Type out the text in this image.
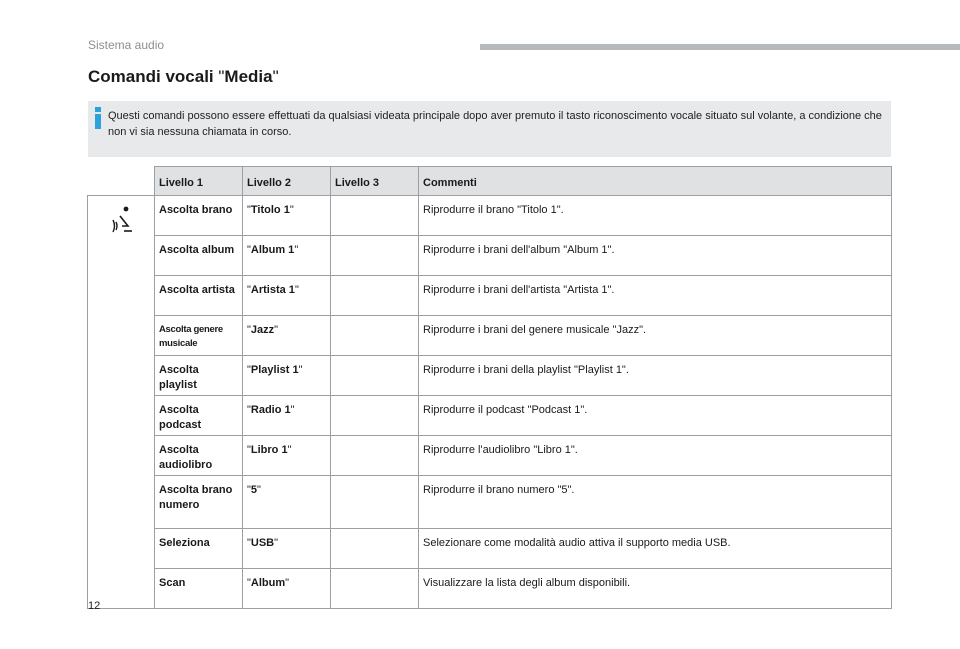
Sistema audio
Comandi vocali "Media"
Questi comandi possono essere effettuati da qualsiasi videata principale dopo aver premuto il tasto riconoscimento vocale situato sul volante, a condizione che non vi sia nessuna chiamata in corso.
	Livello 1	Livello 2	Livello 3	Commenti

	Ascolta brano	"Titolo 1"		Riprodurre il brano "Titolo 1".
	Ascolta album	"Album 1"		Riprodurre i brani dell'album "Album 1".
	Ascolta artista	"Artista 1"		Riprodurre i brani dell'artista "Artista 1".
	Ascolta genere musicale	"Jazz"		Riprodurre i brani del genere musicale "Jazz".
	Ascolta playlist	"Playlist 1"		Riprodurre i brani della playlist "Playlist 1".
	Ascolta podcast	"Radio 1"		Riprodurre il podcast "Podcast 1".
	Ascolta audiolibro	"Libro 1"		Riprodurre l'audiolibro "Libro 1".
	Ascolta brano numero	"5"		Riprodurre il brano numero "5".
	Seleziona	"USB"		Selezionare come modalità audio attiva il supporto media USB.
	Scan	"Album"		Visualizzare la lista degli album disponibili.
12
